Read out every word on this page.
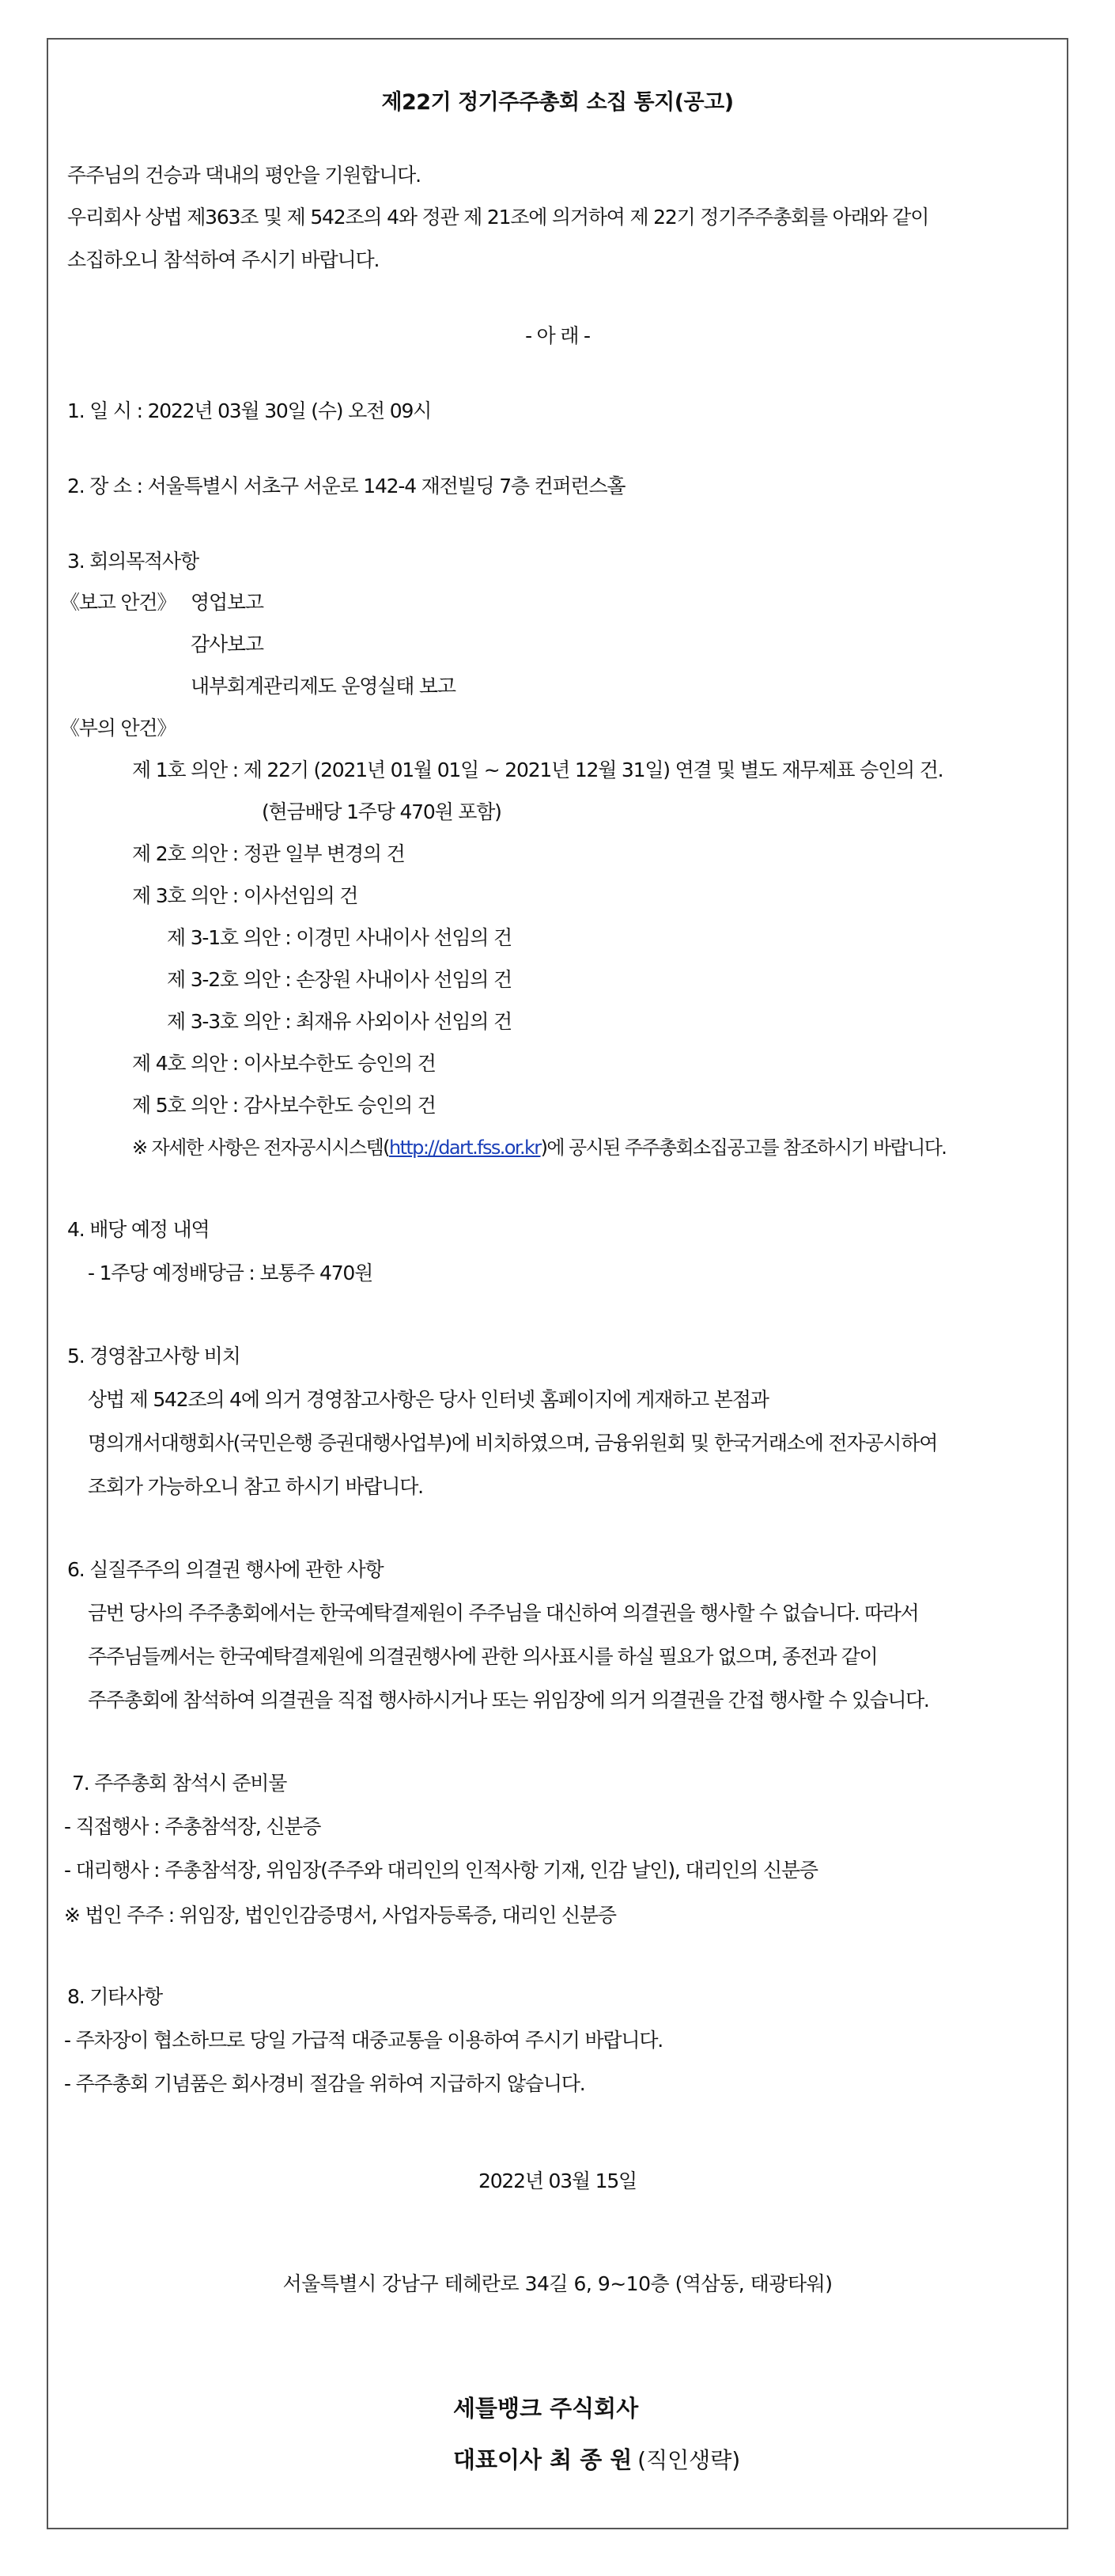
제22기 정기주주총회 소집 통지(공고)
주주님의 건승과 댁내의 평안을 기원합니다.
우리회사 상법 제363조 및 제 542조의 4와 정관 제 21조에 의거하여 제 22기 정기주주총회를 아래와 같이
소집하오니 참석하여 주시기 바랍니다.
- 아 래 -
1. 일 시 : 2022년 03월 30일 (수) 오전 09시
2. 장 소 : 서울특별시 서초구 서운로 142-4 재전빌딩 7층 컨퍼런스홀
3. 회의목적사항
《보고 안건》 영업보고
감사보고
내부회계관리제도 운영실태 보고
《부의 안건》
제 1호 의안 : 제 22기 (2021년 01월 01일 ~ 2021년 12월 31일) 연결 및 별도 재무제표 승인의 건.
(현금배당 1주당 470원 포함)
제 2호 의안 : 정관 일부 변경의 건
제 3호 의안 : 이사선임의 건
제 3-1호 의안 : 이경민 사내이사 선임의 건
제 3-2호 의안 : 손장원 사내이사 선임의 건
제 3-3호 의안 : 최재유 사외이사 선임의 건
제 4호 의안 : 이사보수한도 승인의 건
제 5호 의안 : 감사보수한도 승인의 건
※ 자세한 사항은 전자공시시스템(http://dart.fss.or.kr)에 공시된 주주총회소집공고를 참조하시기 바랍니다.
4. 배당 예정 내역
- 1주당 예정배당금 : 보통주 470원
5. 경영참고사항 비치
상법 제 542조의 4에 의거 경영참고사항은 당사 인터넷 홈페이지에 게재하고 본점과
명의개서대행회사(국민은행 증권대행사업부)에 비치하였으며, 금융위원회 및 한국거래소에 전자공시하여
조회가 가능하오니 참고 하시기 바랍니다.
6. 실질주주의 의결권 행사에 관한 사항
금번 당사의 주주총회에서는 한국예탁결제원이 주주님을 대신하여 의결권을 행사할 수 없습니다. 따라서
주주님들께서는 한국예탁결제원에 의결권행사에 관한 의사표시를 하실 필요가 없으며, 종전과 같이
주주총회에 참석하여 의결권을 직접 행사하시거나 또는 위임장에 의거 의결권을 간접 행사할 수 있습니다.
7. 주주총회 참석시 준비물
- 직접행사 : 주총참석장, 신분증
- 대리행사 : 주총참석장, 위임장(주주와 대리인의 인적사항 기재, 인감 날인), 대리인의 신분증
※ 법인 주주 : 위임장, 법인인감증명서, 사업자등록증, 대리인 신분증
8. 기타사항
- 주차장이 협소하므로 당일 가급적 대중교통을 이용하여 주시기 바랍니다.
- 주주총회 기념품은 회사경비 절감을 위하여 지급하지 않습니다.
2022년 03월 15일
서울특별시 강남구 테헤란로 34길 6, 9~10층 (역삼동, 태광타워)
세틀뱅크 주식회사
대표이사 최 종 원 (직인생략)
